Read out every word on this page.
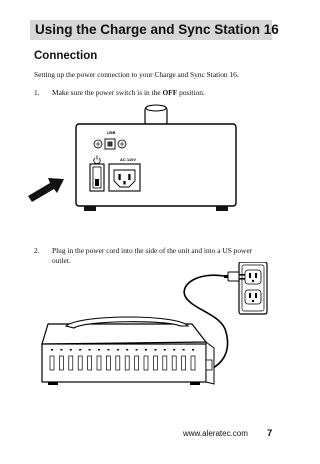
Using the Charge and Sync Station 16
Connection
Setting up the power connection to your Charge and Sync Station 16.
1. Make sure the power switch is in the OFF position.
USB
AC 110V
2. Plug in the power cord into the side of the unit and into a US power
outlet.
www.aleratec.com 7
